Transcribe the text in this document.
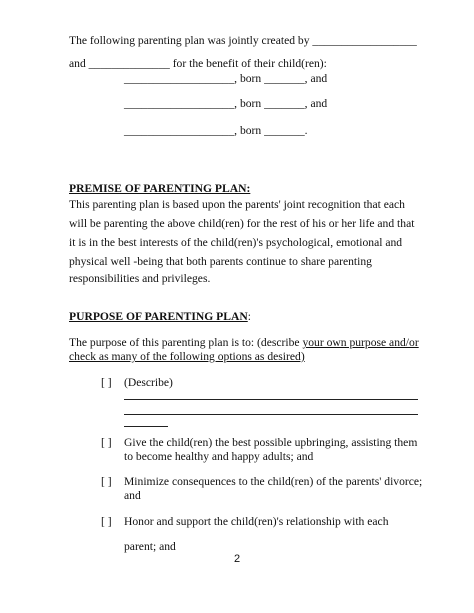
The following parenting plan was jointly created by __________________
and ______________ for the benefit of their child(ren):
___________________, born _______, and
___________________, born _______, and
___________________, born _______.
PREMISE OF PARENTING PLAN:
This parenting plan is based upon the parents' joint recognition that each
will be parenting the above child(ren) for the rest of his or her life and that
it is in the best interests of the child(ren)'s psychological, emotional and
physical well -being that both parents continue to share parenting
responsibilities and privileges.
PURPOSE OF PARENTING PLAN:
The purpose of this parenting plan is to: (describe your own purpose and/or
check as many of the following options as desired)
[ ] (Describe)
[ ] Give the child(ren) the best possible upbringing, assisting them
to become healthy and happy adults; and
[ ] Minimize consequences to the child(ren) of the parents' divorce;
and
[ ] Honor and support the child(ren)'s relationship with each
parent; and
2
